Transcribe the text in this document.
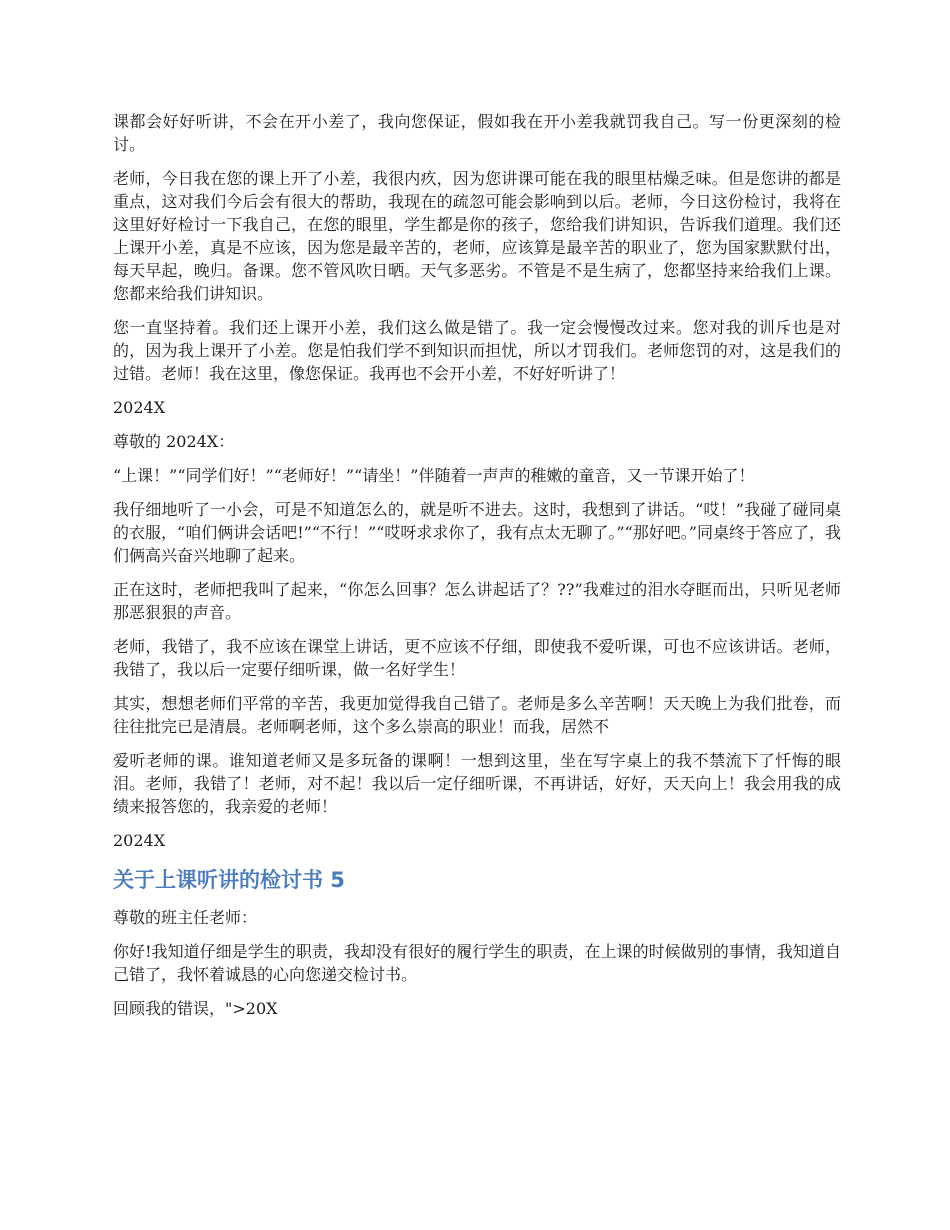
课都会好好听讲，不会在开小差了，我向您保证，假如我在开小差我就罚我自己。写一份更深刻的检讨。

老师，今日我在您的课上开了小差，我很内疚，因为您讲课可能在我的眼里枯燥乏味。但是您讲的都是重点，这对我们今后会有很大的帮助，我现在的疏忽可能会影响到以后。老师，今日这份检讨，我将在这里好好检讨一下我自己，在您的眼里，学生都是你的孩子，您给我们讲知识，告诉我们道理。我们还上课开小差，真是不应该，因为您是最辛苦的，老师，应该算是最辛苦的职业了，您为国家默默付出，每天早起，晚归。备课。您不管风吹日晒。天气多恶劣。不管是不是生病了，您都坚持来给我们上课。您都来给我们讲知识。

您一直坚持着。我们还上课开小差，我们这么做是错了。我一定会慢慢改过来。您对我的训斥也是对的，因为我上课开了小差。您是怕我们学不到知识而担忧，所以才罚我们。老师您罚的对，这是我们的过错。老师！我在这里，像您保证。我再也不会开小差，不好好听讲了！

2024X

尊敬的 2024X：

“上课！”“同学们好！”“老师好！”“请坐！”伴随着一声声的稚嫩的童音，又一节课开始了！

我仔细地听了一小会，可是不知道怎么的，就是听不进去。这时，我想到了讲话。“哎！”我碰了碰同桌的衣服，“咱们俩讲会话吧!”“不行！”“哎呀求求你了，我有点太无聊了。”“那好吧。”同桌终于答应了，我们俩高兴奋兴地聊了起来。

正在这时，老师把我叫了起来，“你怎么回事？怎么讲起话了？??”我难过的泪水夺眶而出，只听见老师那恶狠狠的声音。

老师，我错了，我不应该在课堂上讲话，更不应该不仔细，即使我不爱听课，可也不应该讲话。老师，我错了，我以后一定要仔细听课，做一名好学生！

其实，想想老师们平常的辛苦，我更加觉得我自己错了。老师是多么辛苦啊！天天晚上为我们批卷，而往往批完已是清晨。老师啊老师，这个多么崇高的职业！而我，居然不

爱听老师的课。谁知道老师又是多玩备的课啊！一想到这里，坐在写字桌上的我不禁流下了忏悔的眼泪。老师，我错了！老师，对不起！我以后一定仔细听课，不再讲话，好好，天天向上！我会用我的成绩来报答您的，我亲爱的老师！

2024X

关于上课听讲的检讨书 5

尊敬的班主任老师：

你好!我知道仔细是学生的职责，我却没有很好的履行学生的职责，在上课的时候做别的事情，我知道自己错了，我怀着诚恳的心向您递交检讨书。

回顾我的错误，">20X
